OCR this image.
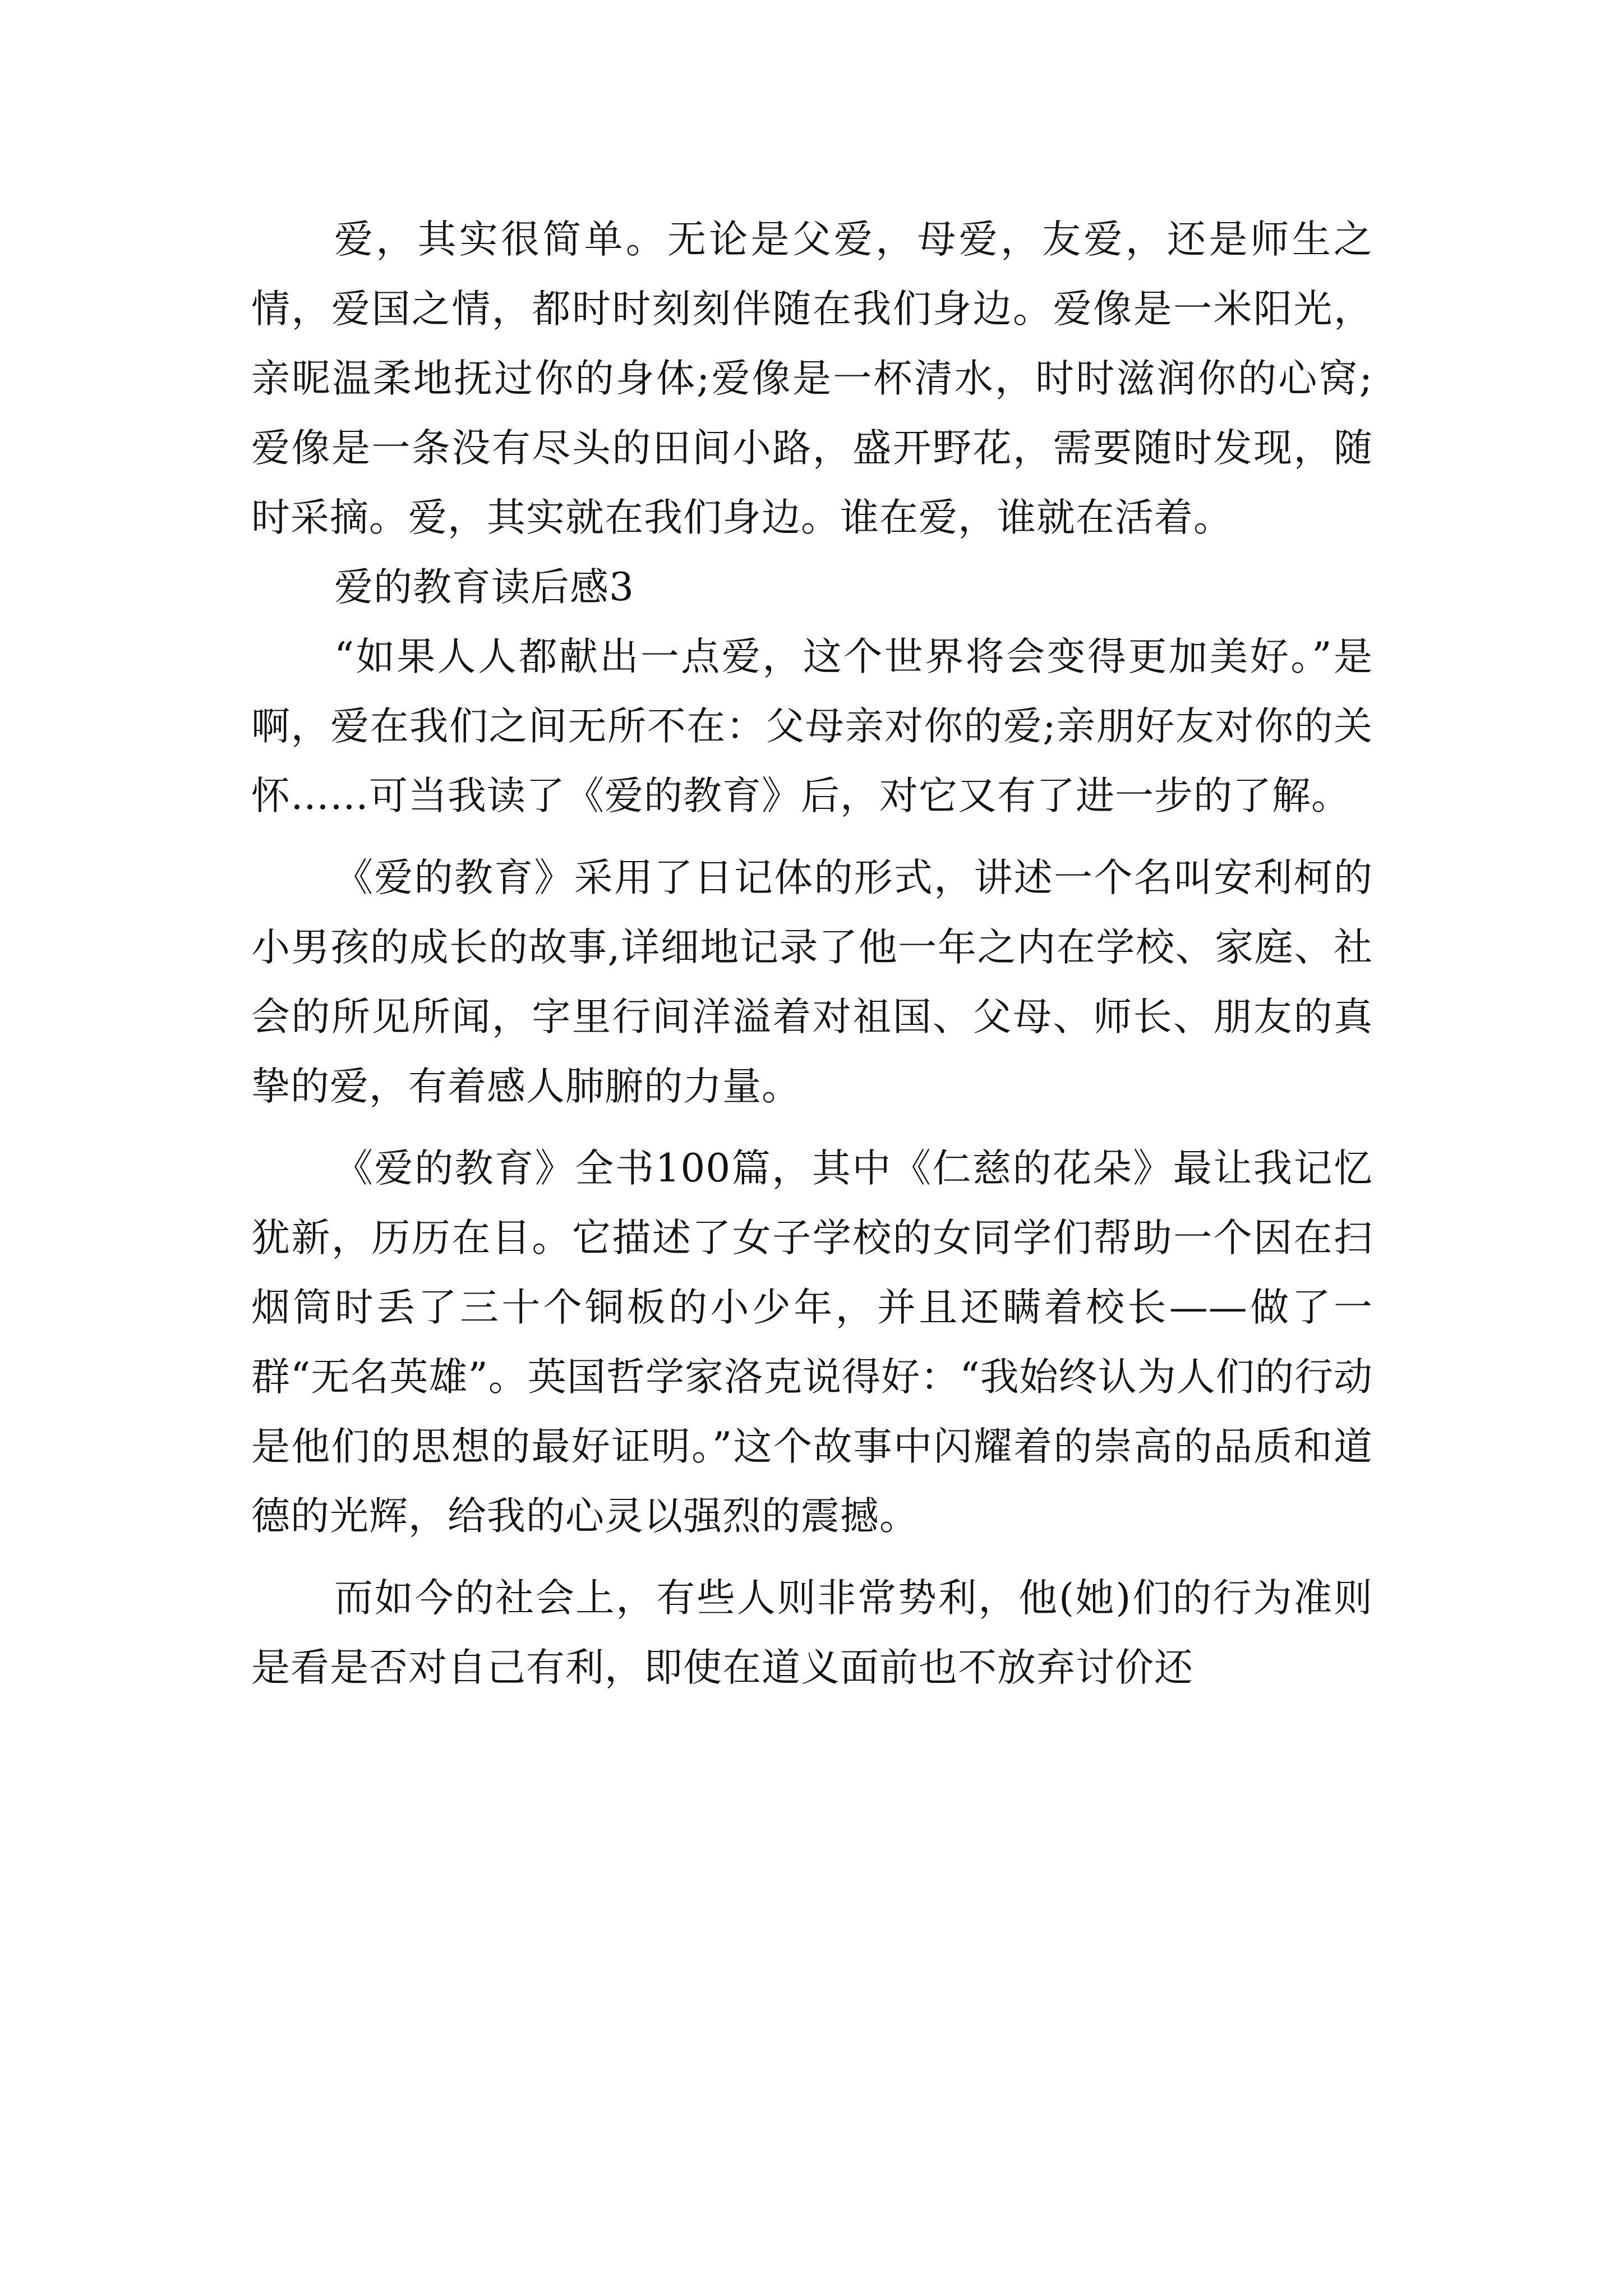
爱，其实很简单。无论是父爱，母爱，友爱，还是师生之情，爱国之情，都时时刻刻伴随在我们身边。爱像是一米阳光，亲昵温柔地抚过你的身体;爱像是一杯清水，时时滋润你的心窝;爱像是一条没有尽头的田间小路，盛开野花，需要随时发现，随时采摘。爱，其实就在我们身边。谁在爱，谁就在活着。

爱的教育读后感3

“如果人人都献出一点爱，这个世界将会变得更加美好。”是啊，爱在我们之间无所不在：父母亲对你的爱;亲朋好友对你的关怀……可当我读了《爱的教育》后，对它又有了进一步的了解。

《爱的教育》采用了日记体的形式，讲述一个名叫安利柯的小男孩的成长的故事,详细地记录了他一年之内在学校、家庭、社会的所见所闻，字里行间洋溢着对祖国、父母、师长、朋友的真挚的爱，有着感人肺腑的力量。

《爱的教育》全书100篇，其中《仁慈的花朵》最让我记忆犹新，历历在目。它描述了女子学校的女同学们帮助一个因在扫烟筒时丢了三十个铜板的小少年，并且还瞒着校长——做了一群“无名英雄”。英国哲学家洛克说得好：“我始终认为人们的行动是他们的思想的最好证明。”这个故事中闪耀着的崇高的品质和道德的光辉，给我的心灵以强烈的震撼。

而如今的社会上，有些人则非常势利，他(她)们的行为准则是看是否对自己有利，即使在道义面前也不放弃讨价还
